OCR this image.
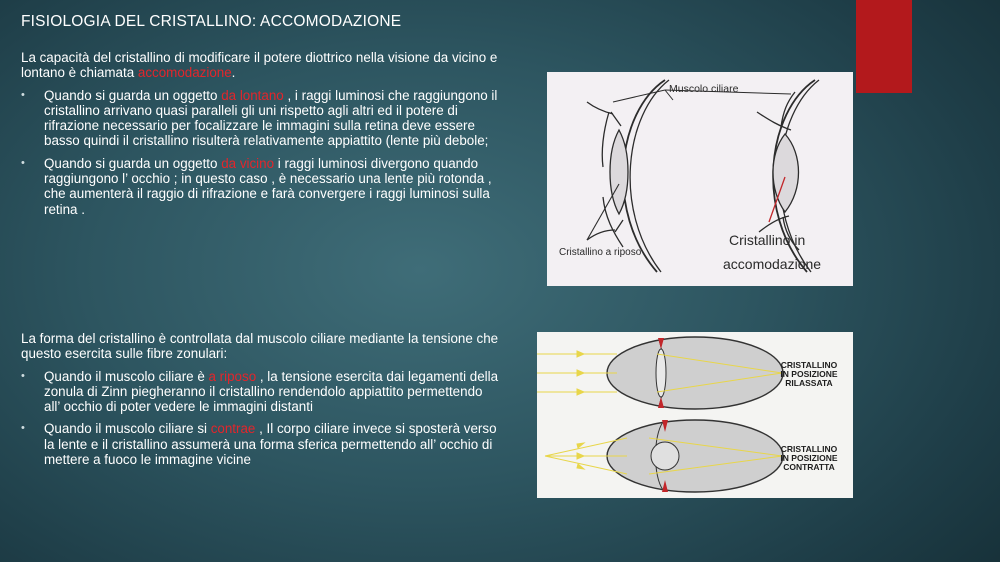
FISIOLOGIA DEL CRISTALLINO: ACCOMODAZIONE

La capacità del cristallino di modificare il potere diottrico nella visione da vicino e lontano è chiamata accomodazione.

• Quando si guarda un oggetto da lontano , i raggi luminosi che raggiungono il cristallino arrivano quasi paralleli gli uni rispetto agli altri ed il potere di rifrazione necessario per focalizzare le immagini sulla retina deve essere basso quindi il cristallino risulterà relativamente appiattito (lente più debole;

• Quando si guarda un oggetto da vicino i raggi luminosi divergono quando raggiungono l’ occhio ; in questo caso , è necessario una lente più rotonda , che aumenterà il raggio di rifrazione e farà convergere i raggi luminosi sulla retina .

La forma del cristallino è controllata dal muscolo ciliare mediante la tensione che questo esercita sulle fibre zonulari:

• Quando il muscolo ciliare è a riposo , la tensione esercita dai legamenti della zonula di Zinn piegheranno il cristallino rendendolo appiattito permettendo all’ occhio di poter vedere le immagini distanti

• Quando il muscolo ciliare si contrae , Il corpo ciliare invece si sposterà verso la lente e il cristallino assumerà una forma sferica permettendo all’ occhio di mettere a fuoco le immagine vicine

Muscolo ciliare
Cristallino a riposo
Cristallino in
accomodazione
CRISTALLINO
IN POSIZIONE
RILASSATA
CRISTALLINO
IN POSIZIONE
CONTRATTA
